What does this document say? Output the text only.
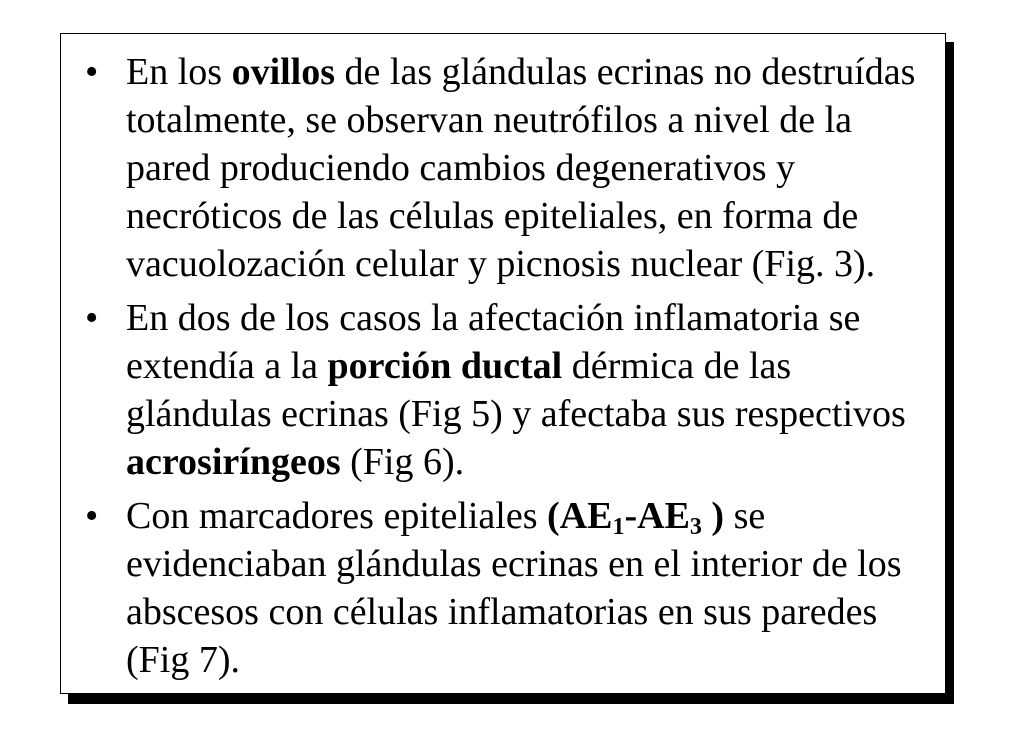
• En los ovillos de las glándulas ecrinas no destruídas totalmente, se observan neutrófilos a nivel de la pared produciendo cambios degenerativos y necróticos de las células epiteliales, en forma de vacuolozación celular y picnosis nuclear (Fig. 3).
• En dos de los casos la afectación inflamatoria se extendía a la porción ductal dérmica de las glándulas ecrinas (Fig 5) y afectaba sus respectivos acrosiríngeos (Fig 6).
• Con marcadores epiteliales ($AE_1-AE_3$ ) se evidenciaban glándulas ecrinas en el interior de los abscesos con células inflamatorias en sus paredes (Fig 7).
